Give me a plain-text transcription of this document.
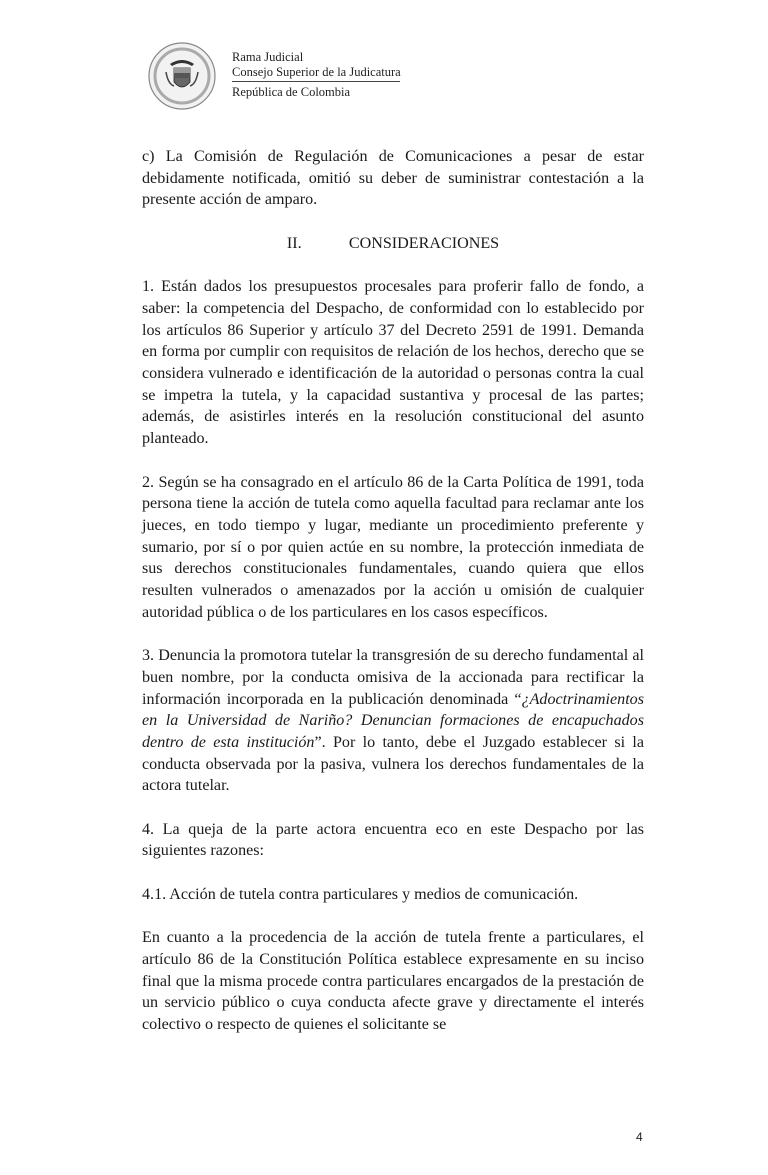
Rama Judicial
Consejo Superior de la Judicatura
República de Colombia

c) La Comisión de Regulación de Comunicaciones a pesar de estar debidamente notificada, omitió su deber de suministrar contestación a la presente acción de amparo.

II.	CONSIDERACIONES

1. Están dados los presupuestos procesales para proferir fallo de fondo, a saber: la competencia del Despacho, de conformidad con lo establecido por los artículos 86 Superior y artículo 37 del Decreto 2591 de 1991. Demanda en forma por cumplir con requisitos de relación de los hechos, derecho que se considera vulnerado e identificación de la autoridad o personas contra la cual se impetra la tutela, y la capacidad sustantiva y procesal de las partes; además, de asistirles interés en la resolución constitucional del asunto planteado.

2. Según se ha consagrado en el artículo 86 de la Carta Política de 1991, toda persona tiene la acción de tutela como aquella facultad para reclamar ante los jueces, en todo tiempo y lugar, mediante un procedimiento preferente y sumario, por sí o por quien actúe en su nombre, la protección inmediata de sus derechos constitucionales fundamentales, cuando quiera que ellos resulten vulnerados o amenazados por la acción u omisión de cualquier autoridad pública o de los particulares en los casos específicos.

3. Denuncia la promotora tutelar la transgresión de su derecho fundamental al buen nombre, por la conducta omisiva de la accionada para rectificar la información incorporada en la publicación denominada “¿Adoctrinamientos en la Universidad de Nariño? Denuncian formaciones de encapuchados dentro de esta institución”. Por lo tanto, debe el Juzgado establecer si la conducta observada por la pasiva, vulnera los derechos fundamentales de la actora tutelar.

4. La queja de la parte actora encuentra eco en este Despacho por las siguientes razones:

4.1. Acción de tutela contra particulares y medios de comunicación.

En cuanto a la procedencia de la acción de tutela frente a particulares, el artículo 86 de la Constitución Política establece expresamente en su inciso final que la misma procede contra particulares encargados de la prestación de un servicio público o cuya conducta afecte grave y directamente el interés colectivo o respecto de quienes el solicitante se

4
